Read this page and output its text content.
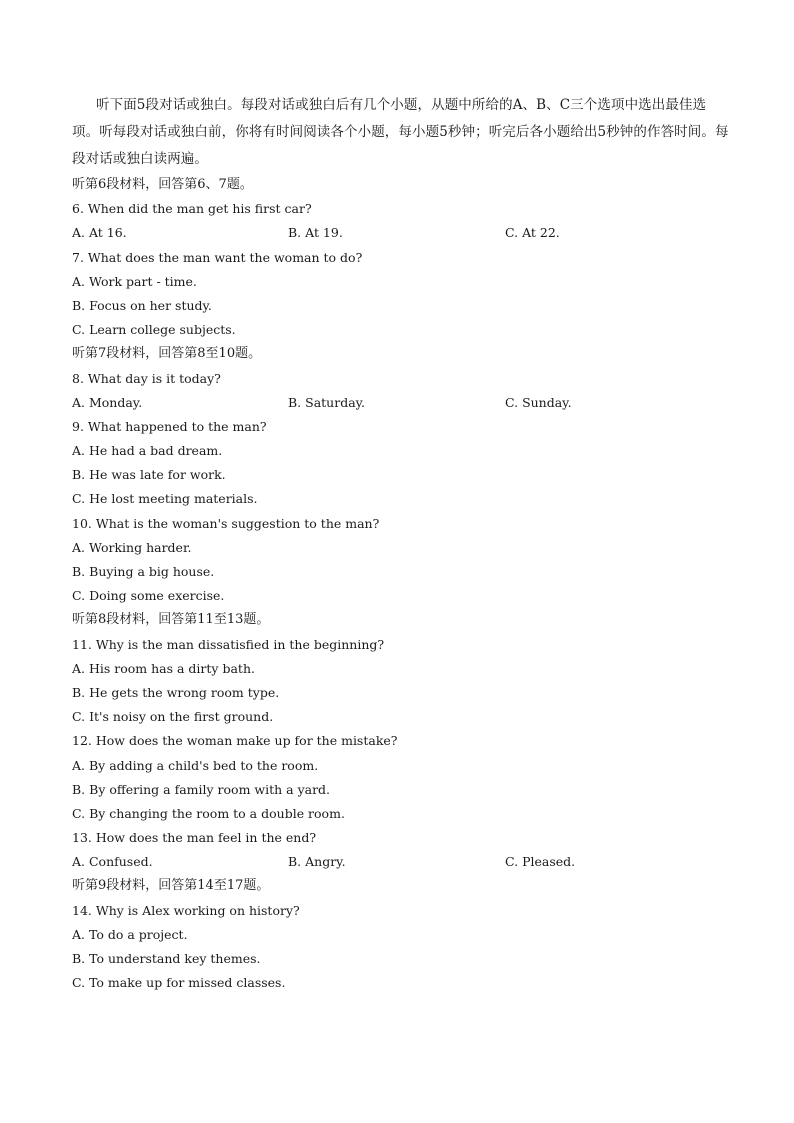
听下面5段对话或独白。每段对话或独白后有几个小题，从题中所给的A、B、C三个选项中选出最佳选项。听每段对话或独白前，你将有时间阅读各个小题，每小题5秒钟；听完后各小题给出5秒钟的作答时间。每段对话或独白读两遍。

听第6段材料，回答第6、7题。
6. When did the man get his first car?
A. At 16.	B. At 19.	C. At 22.
7. What does the man want the woman to do?
A. Work part - time.
B. Focus on her study.
C. Learn college subjects.
听第7段材料，回答第8至10题。
8. What day is it today?
A. Monday.	B. Saturday.	C. Sunday.
9. What happened to the man?
A. He had a bad dream.
B. He was late for work.
C. He lost meeting materials.
10. What is the woman's suggestion to the man?
A. Working harder.
B. Buying a big house.
C. Doing some exercise.
听第8段材料，回答第11至13题。
11. Why is the man dissatisfied in the beginning?
A. His room has a dirty bath.
B. He gets the wrong room type.
C. It's noisy on the first ground.
12. How does the woman make up for the mistake?
A. By adding a child's bed to the room.
B. By offering a family room with a yard.
C. By changing the room to a double room.
13. How does the man feel in the end?
A. Confused.	B. Angry.	C. Pleased.
听第9段材料，回答第14至17题。
14. Why is Alex working on history?
A. To do a project.
B. To understand key themes.
C. To make up for missed classes.
